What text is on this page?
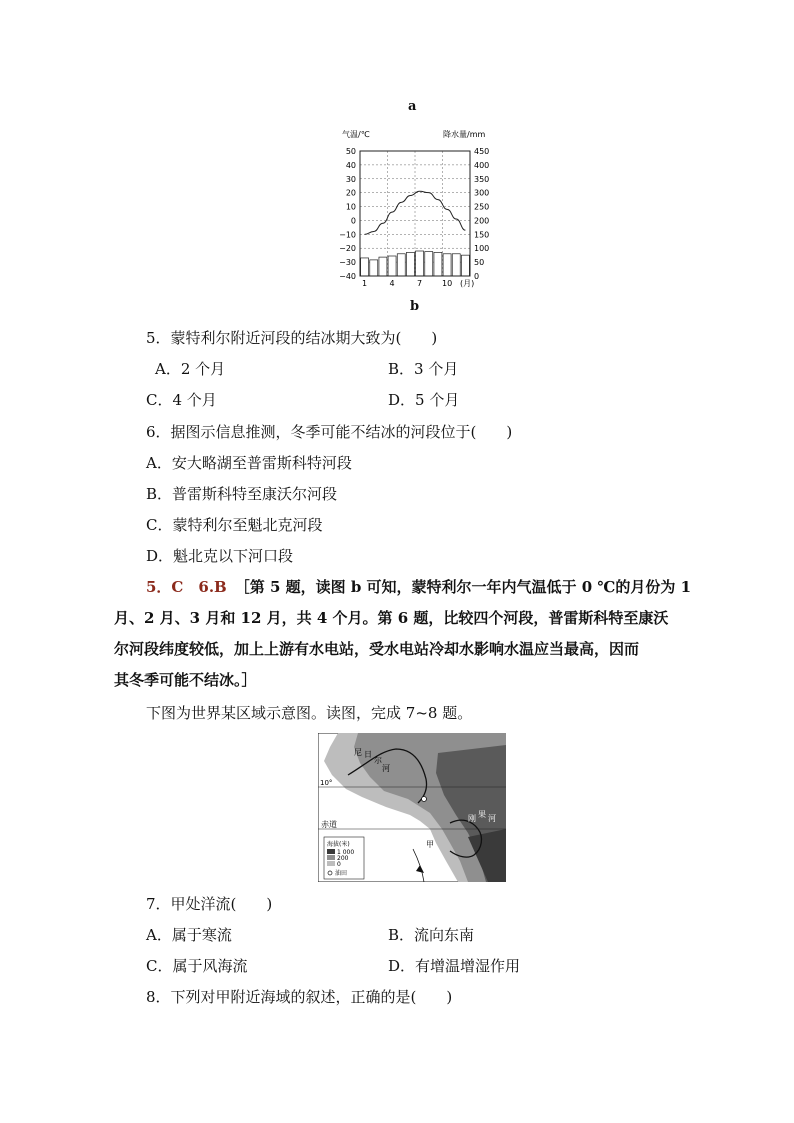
a
气温/℃	降水量/mm
50
40
30
20
10
0
−10
−20
−30
−40
450
400
350
300
250
200
150
100
50
0
1	4	7 10 (月)
b
5．蒙特利尔附近河段的结冰期大致为(　　)
A．2 个月	B．3 个月
C．4 个月	D．5 个月
6．据图示信息推测，冬季可能不结冰的河段位于(　　)
A．安大略湖至普雷斯科特河段
B．普雷斯科特至康沃尔河段
C．蒙特利尔至魁北克河段
D．魁北克以下河口段
5．C　6.B ［第 5 题，读图 b 可知，蒙特利尔一年内气温低于 0 ℃的月份为 1
月、2 月、3 月和 12 月，共 4 个月。第 6 题，比较四个河段，普雷斯科特至康沃
尔河段纬度较低，加上上游有水电站，受水电站冷却水影响水温应当最高，因而
其冬季可能不结冰。］
下图为世界某区域示意图。读图，完成 7~8 题。
尼 日
尔
河
刚 果 河
10°
赤道
甲
海拔(米)
1 000
200
0
油田
7．甲处洋流(　　)
A．属于寒流	B．流向东南
C．属于风海流	D．有增温增湿作用
8．下列对甲附近海域的叙述，正确的是(　　)
